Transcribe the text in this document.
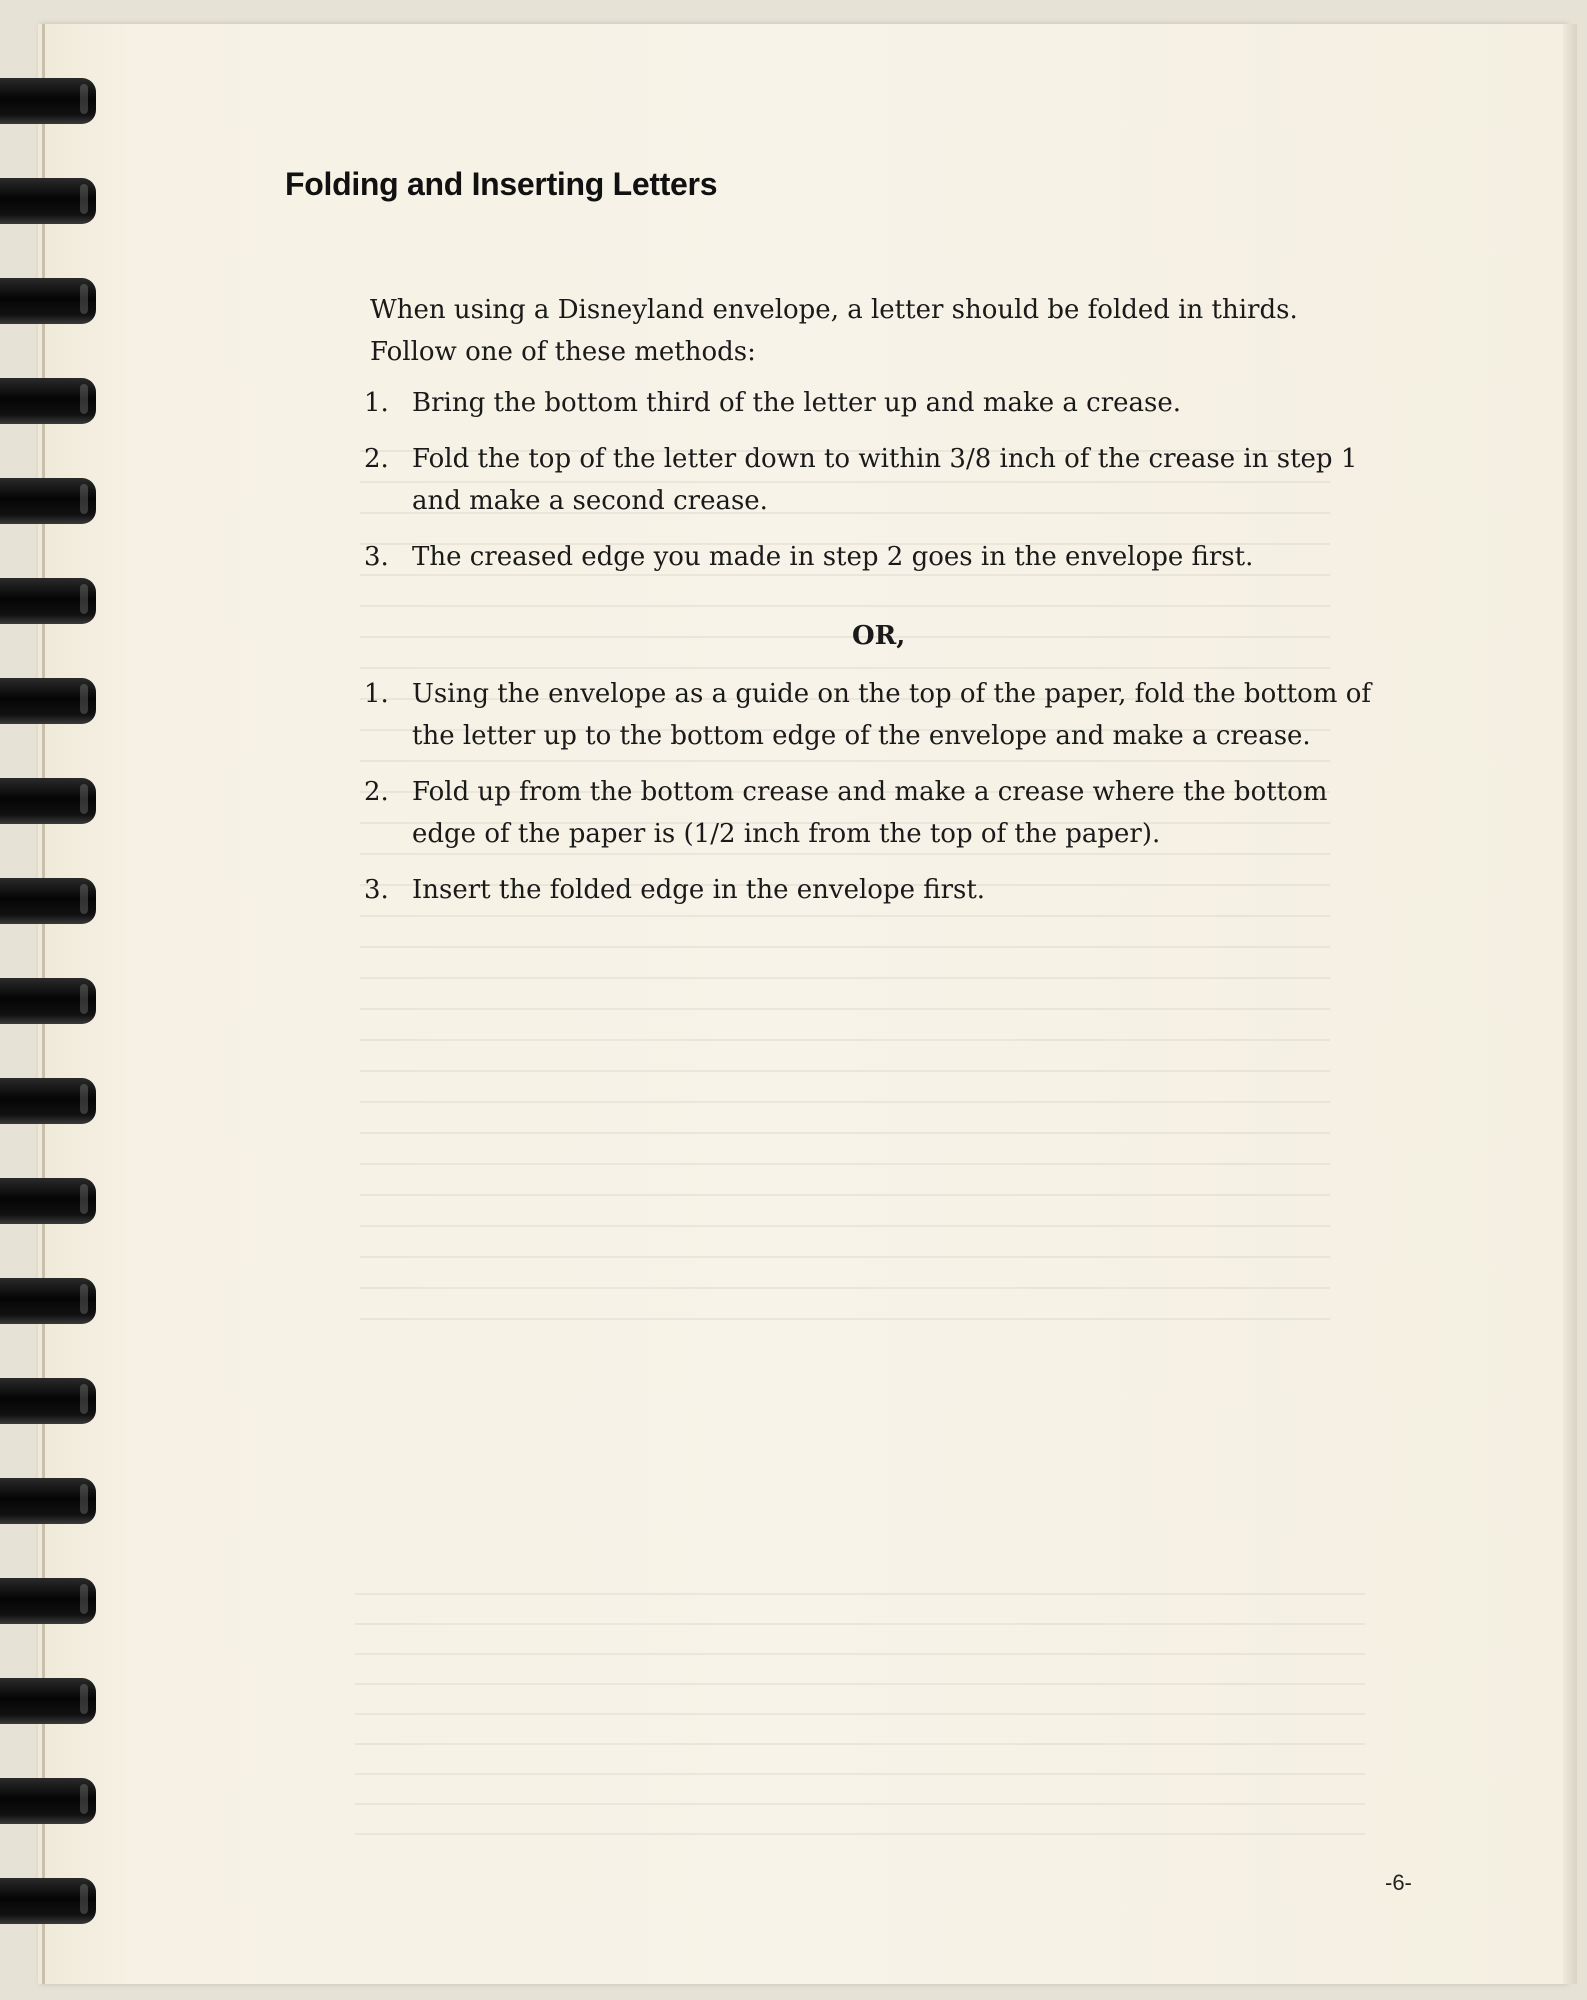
Folding and Inserting Letters

When using a Disneyland envelope, a letter should be folded in thirds. Follow one of these methods:

1. Bring the bottom third of the letter up and make a crease.
2. Fold the top of the letter down to within 3/8 inch of the crease in step 1 and make a second crease.
3. The creased edge you made in step 2 goes in the envelope first.

OR,

1. Using the envelope as a guide on the top of the paper, fold the bottom of the letter up to the bottom edge of the envelope and make a crease.
2. Fold up from the bottom crease and make a crease where the bottom edge of the paper is (1/2 inch from the top of the paper).
3. Insert the folded edge in the envelope first.
-6-
